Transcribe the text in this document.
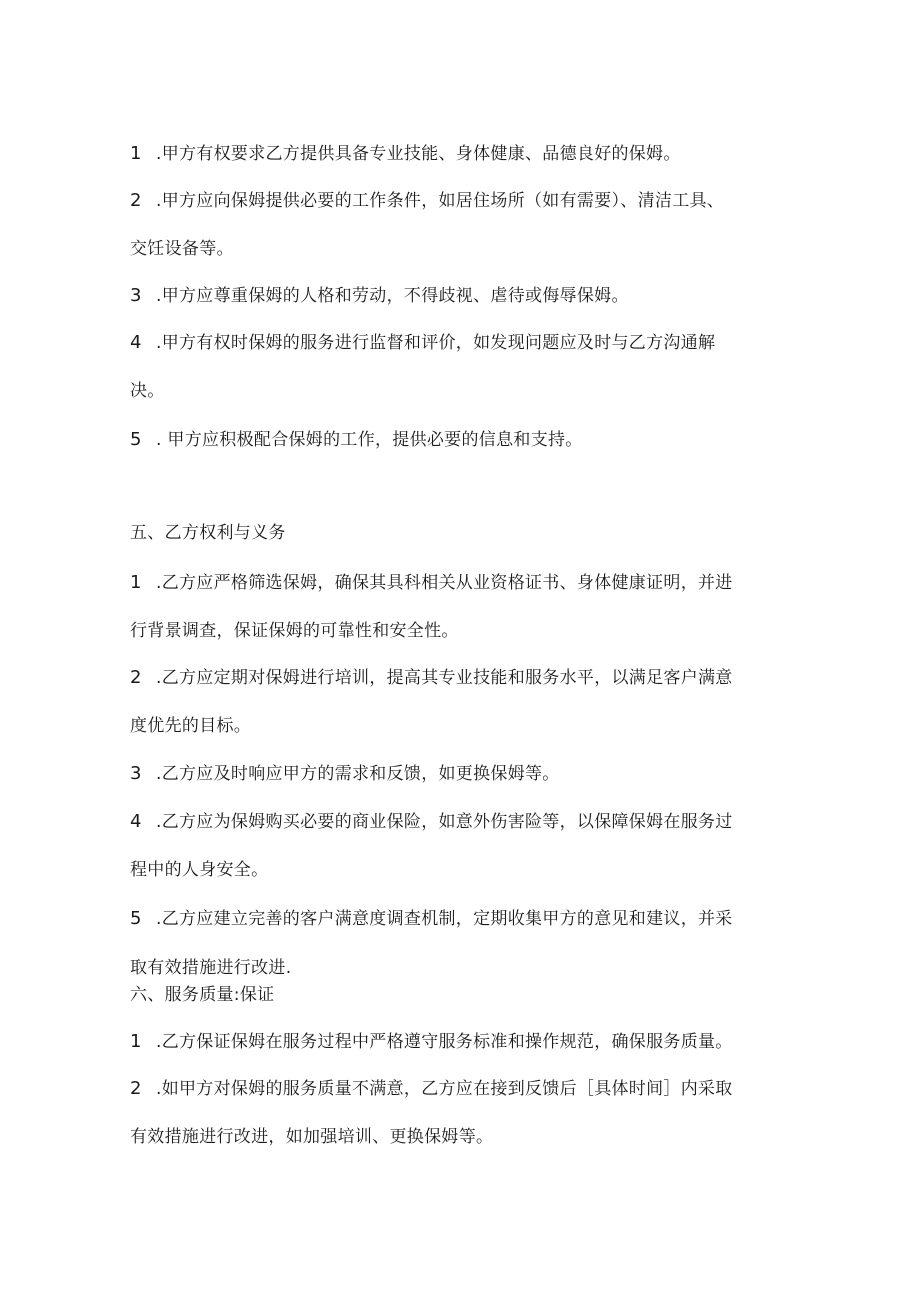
1 .甲方有权要求乙方提供具备专业技能、身体健康、品德良好的保姆。
2 .甲方应向保姆提供必要的工作条件，如居住场所（如有需要）、清洁工具、
交饪设备等。
3 .甲方应尊重保姆的人格和劳动，不得歧视、虐待或侮辱保姆。
4 .甲方有权时保姆的服务进行监督和评价，如发现问题应及时与乙方沟通解
决。
5 . 甲方应积极配合保姆的工作，提供必要的信息和支持。
五、乙方权利与义务
1 .乙方应严格筛选保姆，确保其具科相关从业资格证书、身体健康证明，并进
行背景调查，保证保姆的可靠性和安全性。
2 .乙方应定期对保姆进行培训，提高其专业技能和服务水平，以满足客户满意
度优先的目标。
3 .乙方应及时响应甲方的需求和反馈，如更换保姆等。
4 .乙方应为保姆购买必要的商业保险，如意外伤害险等，以保障保姆在服务过
程中的人身安全。
5 .乙方应建立完善的客户满意度调查机制，定期收集甲方的意见和建议，并采
取有效措施进行改进.
六、服务质量:保证
1 .乙方保证保姆在服务过程中严格遵守服务标准和操作规范，确保服务质量。
2 .如甲方对保姆的服务质量不满意，乙方应在接到反馈后［具体时间］内采取
有效措施进行改进，如加强培训、更换保姆等。
